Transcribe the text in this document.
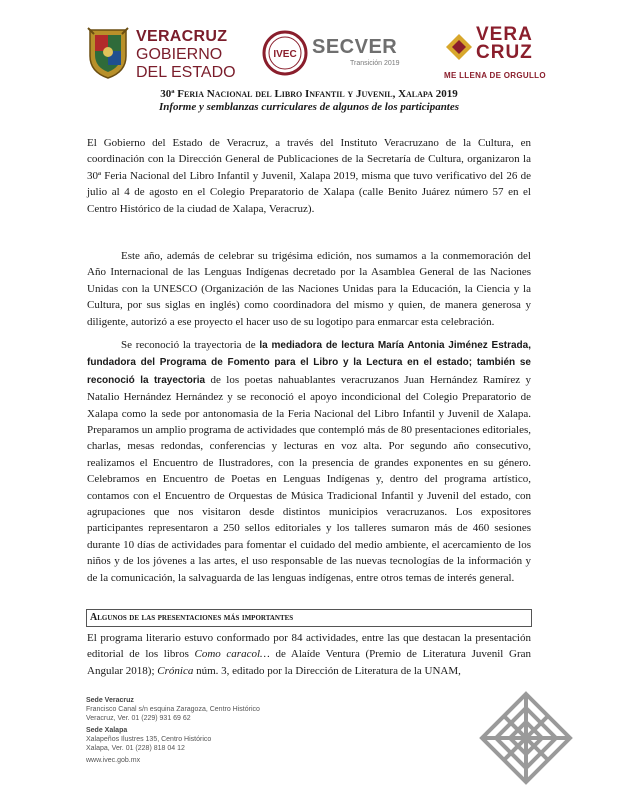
VERACRUZ
GOBIERNO
DEL ESTADO
IVEC SECVER
Transición 2019
VERA
CRUZ
ME LLENA DE ORGULLO
30ª Feria Nacional del Libro Infantil y Juvenil, Xalapa 2019
Informe y semblanzas curriculares de algunos de los participantes

El Gobierno del Estado de Veracruz, a través del Instituto Veracruzano de la Cultura, en coordinación con la Dirección General de Publicaciones de la Secretaría de Cultura, organizaron la 30ª Feria Nacional del Libro Infantil y Juvenil, Xalapa 2019, misma que tuvo verificativo del 26 de julio al 4 de agosto en el Colegio Preparatorio de Xalapa (calle Benito Juárez número 57 en el Centro Histórico de la ciudad de Xalapa, Veracruz).

Este año, además de celebrar su trigésima edición, nos sumamos a la conmemoración del Año Internacional de las Lenguas Indígenas decretado por la Asamblea General de las Naciones Unidas con la UNESCO (Organización de las Naciones Unidas para la Educación, la Ciencia y la Cultura, por sus siglas en inglés) como coordinadora del mismo y quien, de manera generosa y diligente, autorizó a ese proyecto el hacer uso de su logotipo para enmarcar esta celebración.

Se reconoció la trayectoria de la mediadora de lectura María Antonia Jiménez Estrada, fundadora del Programa de Fomento para el Libro y la Lectura en el estado; también se reconoció la trayectoria de los poetas nahuablantes veracruzanos Juan Hernández Ramírez y Natalio Hernández Hernández y se reconoció el apoyo incondicional del Colegio Preparatorio de Xalapa como la sede por antonomasia de la Feria Nacional del Libro Infantil y Juvenil de Xalapa. Preparamos un amplio programa de actividades que contempló más de 80 presentaciones editoriales, charlas, mesas redondas, conferencias y lecturas en voz alta. Por segundo año consecutivo, realizamos el Encuentro de Ilustradores, con la presencia de grandes exponentes en su género. Celebramos en Encuentro de Poetas en Lenguas Indígenas y, dentro del programa artístico, contamos con el Encuentro de Orquestas de Música Tradicional Infantil y Juvenil del estado, con agrupaciones que nos visitaron desde distintos municipios veracruzanos. Los expositores participantes representaron a 250 sellos editoriales y los talleres sumaron más de 460 sesiones durante 10 días de actividades para fomentar el cuidado del medio ambiente, el acercamiento de los niños y de los jóvenes a las artes, el uso responsable de las nuevas tecnologías de la información y de la comunicación, la salvaguarda de las lenguas indígenas, entre otros temas de interés general.

Algunos de las presentaciones más importantes

El programa literario estuvo conformado por 84 actividades, entre las que destacan la presentación editorial de los libros Como caracol… de Alaíde Ventura (Premio de Literatura Juvenil Gran Angular 2018); Crónica núm. 3, editado por la Dirección de Literatura de la UNAM,

Sede Veracruz
Francisco Canal s/n esquina Zaragoza, Centro Histórico
Veracruz, Ver. 01 (229) 931 69 62
Sede Xalapa
Xalapeños Ilustres 135, Centro Histórico
Xalapa, Ver. 01 (228) 818 04 12
www.ivec.gob.mx
